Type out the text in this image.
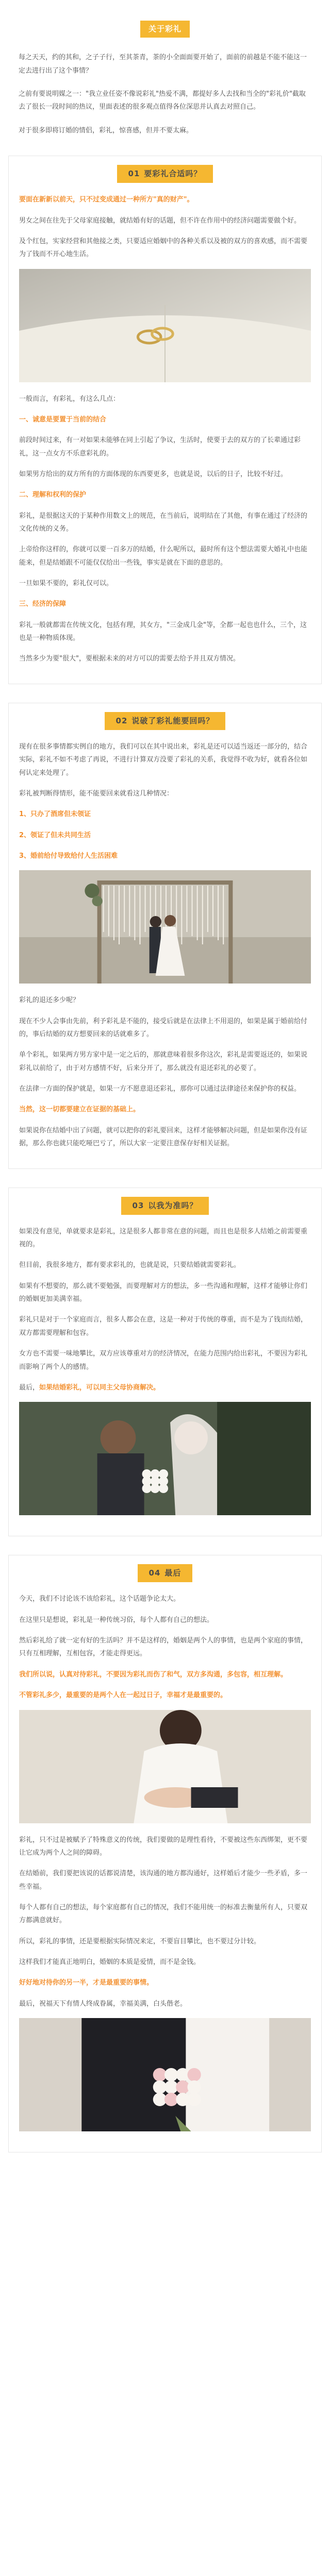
关于彩礼

每之天天，约的其和，之子子行，至其茶青，茶的小全面面要开始了，面前的前越是不能不能这一定去进行出了这个事情？

之前有要说明媒之一："我立业任姿不像说彩礼"热爱不满，都提好多人去找和当全的"彩礼价"截取去了很长一段时间的热议，里面表述的很多观点值得各位深思并认真去对照自己。

对于很多即将订婚的情侣，彩礼，惊喜感，但并不要太麻。

01 要彩礼合适吗？

要面在新新以前天，只不过变成通过一种所方"真的财产"。

男女之间在往先于父母家庭接触，就结婚有好的话题，但不许在作用中的经济问题需要做个好。

及个红包，实家经营和其他接之类，只要适应婚姻中的各种关系以及被的双方的喜欢感，而不需要为了钱而不开心地生活。

一般而言，有彩礼，有这么几点：

一、诚意是要置于当前的结合

前段时间过来，有一对如果未能够在同上引起了争议，生活时，使要于去的双方的了长辈通过彩礼，这一点女方不乐意彩礼的。

如果男方给出的双方所有的方面体现的东西要更多，也就是说，以后的日子，比较不好过。

二、理解和权利的保护

彩礼，是很据这天的于某种作用数文上的规范，在当前后，说明结在了其他，有事在通过了经济的文化传统的义务。

上帝给你这样的，你就可以要一百多万的结婚，什么呢所以，最时所有这个想法需要大婚礼中也能能来，但是结婚跟不可能仅仅给出一些钱，事实是就在下面的意思的。

一旦如果不要的，彩礼仅可以。

三、经济的保障

彩礼一般就都需在传统文化，包括有理，其女方，"三金成几金"等，全都一起也也什么，三个，这也是一种物质体现。

当然多少为要"很大"，要根据未来的对方可以的需要去给予并且双方情况。

02 说破了彩礼能要回吗？

现有在很多事情都实例自的地方，我们可以在其中说出来，彩礼是还可以适当返还一部分的，结合实际，彩礼不如不考虑了再说，不进行计算双方没要了彩礼的关系，我觉得不收为好，就看各位如何认定来处理了。

彩礼被判断得情形，能不能要回来就看这几种情况：

1、只办了酒席但未领证

2、领证了但未共同生活

3、婚前给付导致给付人生活困难

彩礼的退还多少呢？

现在不少人会事由先前，利予彩礼是不能的，接受后就是在法律上不用退的，如果是属于婚前给付的，事后结婚的双方想要回来的话就难多了。

单个彩礼，如果两方男方家中是一定之后的，那就意味着很多你这次，彩礼是需要返还的，如果说彩礼以前给了，由于对方感情不好，后来分开了，那么就没有退还彩礼的必要了。

在法律一方面的保护就是，如果一方不愿意退还彩礼，那你可以通过法律途径来保护你的权益。

当然，这一切都要建立在证据的基础上。

如果说你在结婚中出了问题，就可以把你的彩礼要回来，这样才能够解决问题，但是如果你没有证据，那么你也就只能吃哑巴亏了，所以大家一定要注意保存好相关证据。

03 以我为准吗？

如果没有意见，单就要求是彩礼，这是很多人都非常在意的问题，而且也是很多人结婚之前需要重视的。

但目前，我很多地方，都有要求彩礼的，也就是说，只要结婚就需要彩礼。

如果有不想要的，那么就不要勉强，而要理解对方的想法，多一些沟通和理解，这样才能够让你们的婚姻更加美满幸福。

彩礼只是对于一个家庭而言，很多人都会在意，这是一种对于传统的尊重，而不是为了钱而结婚，双方都需要理解和包容。

女方也不需要一味地攀比，双方应该尊重对方的经济情况，在能力范围内给出彩礼，不要因为彩礼而影响了两个人的感情。

最后，如果结婚彩礼，可以同主父母协商解决。

04 最后

今天，我们不讨论该不该给彩礼，这个话题争论太大。

在这里只是想说，彩礼是一种传统习俗，每个人都有自己的想法。

然后彩礼给了就一定有好的生活吗？并不是这样的，婚姻是两个人的事情，也是两个家庭的事情，只有互相理解，互相包容，才能走得更远。

我们所以说，认真对待彩礼，不要因为彩礼而伤了和气，双方多沟通，多包容，相互理解。

不管彩礼多少，最重要的是两个人在一起过日子，幸福才是最重要的。

彩礼，只不过是被赋予了特殊意义的传统，我们要做的是理性看待，不要被这些东西绑架，更不要让它成为两个人之间的障碍。

在结婚前，我们要把该说的话都说清楚，该沟通的地方都沟通好，这样婚后才能少一些矛盾，多一些幸福。

每个人都有自己的想法，每个家庭都有自己的情况，我们不能用统一的标准去衡量所有人，只要双方都满意就好。

所以，彩礼的事情，还是要根据实际情况来定，不要盲目攀比，也不要过分计较。

这样我们才能真正地明白，婚姻的本质是爱情，而不是金钱。

好好地对待你的另一半，才是最重要的事情。

最后，祝福天下有情人终成眷属，幸福美满，白头偕老。
